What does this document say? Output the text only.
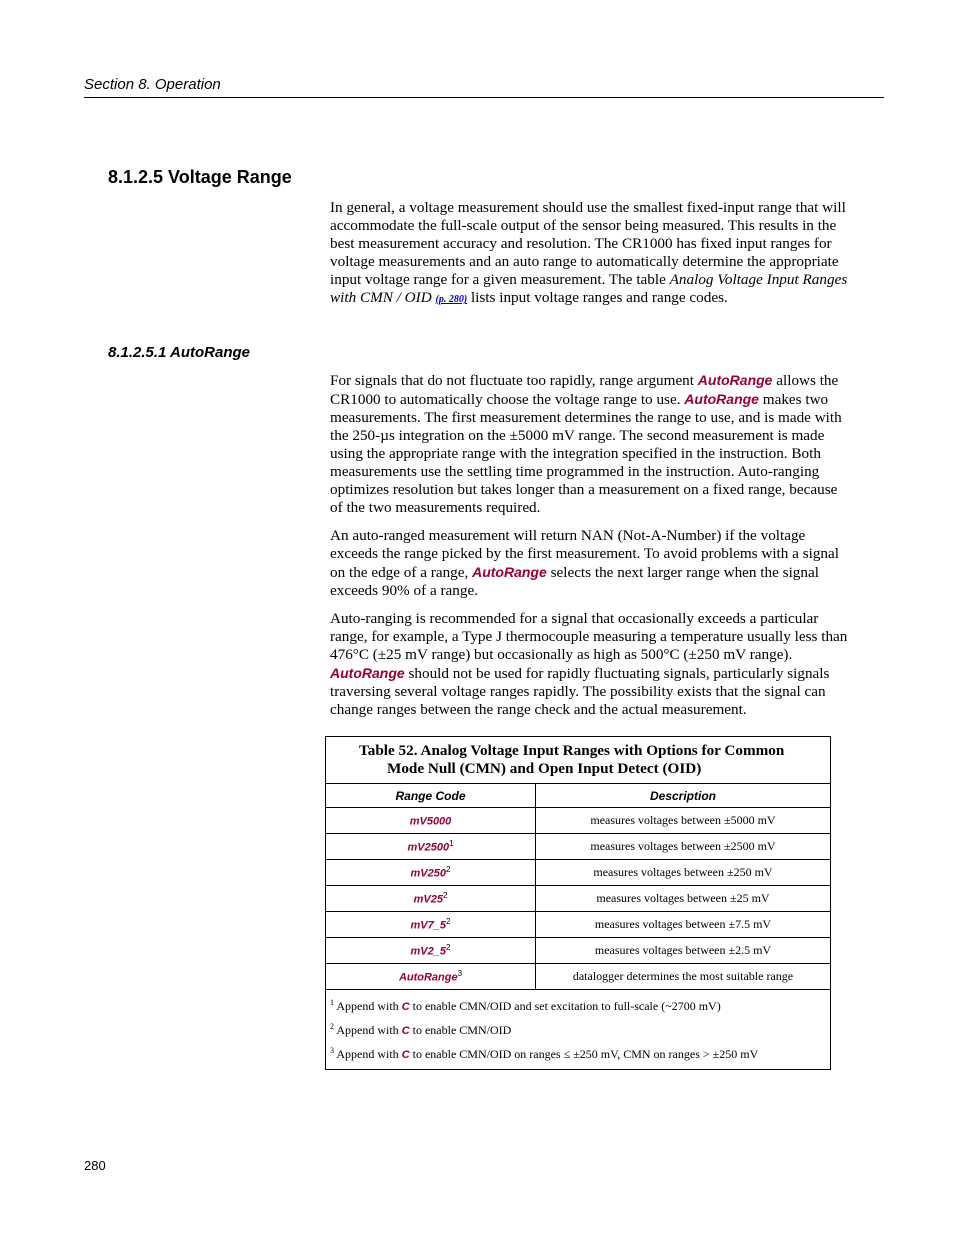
Section 8. Operation
8.1.2.5 Voltage Range

In general, a voltage measurement should use the smallest fixed-input range that will accommodate the full-scale output of the sensor being measured. This results in the best measurement accuracy and resolution. The CR1000 has fixed input ranges for voltage measurements and an auto range to automatically determine the appropriate input voltage range for a given measurement. The table Analog Voltage Input Ranges with CMN / OID (p. 280) lists input voltage ranges and range codes.

8.1.2.5.1 AutoRange

For signals that do not fluctuate too rapidly, range argument AutoRange allows the CR1000 to automatically choose the voltage range to use. AutoRange makes two measurements. The first measurement determines the range to use, and is made with the 250-µs integration on the ±5000 mV range. The second measurement is made using the appropriate range with the integration specified in the instruction. Both measurements use the settling time programmed in the instruction. Auto-ranging optimizes resolution but takes longer than a measurement on a fixed range, because of the two measurements required.

An auto-ranged measurement will return NAN (Not-A-Number) if the voltage exceeds the range picked by the first measurement. To avoid problems with a signal on the edge of a range, AutoRange selects the next larger range when the signal exceeds 90% of a range.

Auto-ranging is recommended for a signal that occasionally exceeds a particular range, for example, a Type J thermocouple measuring a temperature usually less than 476°C (±25 mV range) but occasionally as high as 500°C (±250 mV range). AutoRange should not be used for rapidly fluctuating signals, particularly signals traversing several voltage ranges rapidly. The possibility exists that the signal can change ranges between the range check and the actual measurement.

Table 52. Analog Voltage Input Ranges with Options for Common
Mode Null (CMN) and Open Input Detect (OID)	

Range Code	Description
mV5000	measures voltages between ±5000 mV
mV2500$^1$	measures voltages between ±2500 mV
$mV250^2$	measures voltages between ±250 mV
$mV25^2$	measures voltages between ±25 mV
$mV7\_5^2$	measures voltages between ±7.5 mV
$mV2\_5^2$	measures voltages between ±2.5 mV
AutoRange$^3$	datalogger determines the most suitable range

$^1$ Append with C to enable CMN/OID and set excitation to full-scale (~2700 mV)
$^2$ Append with C to enable CMN/OID
$^3$ Append with C to enable CMN/OID on ranges ≤ ±250 mV, CMN on ranges > ±250 mV	
280
